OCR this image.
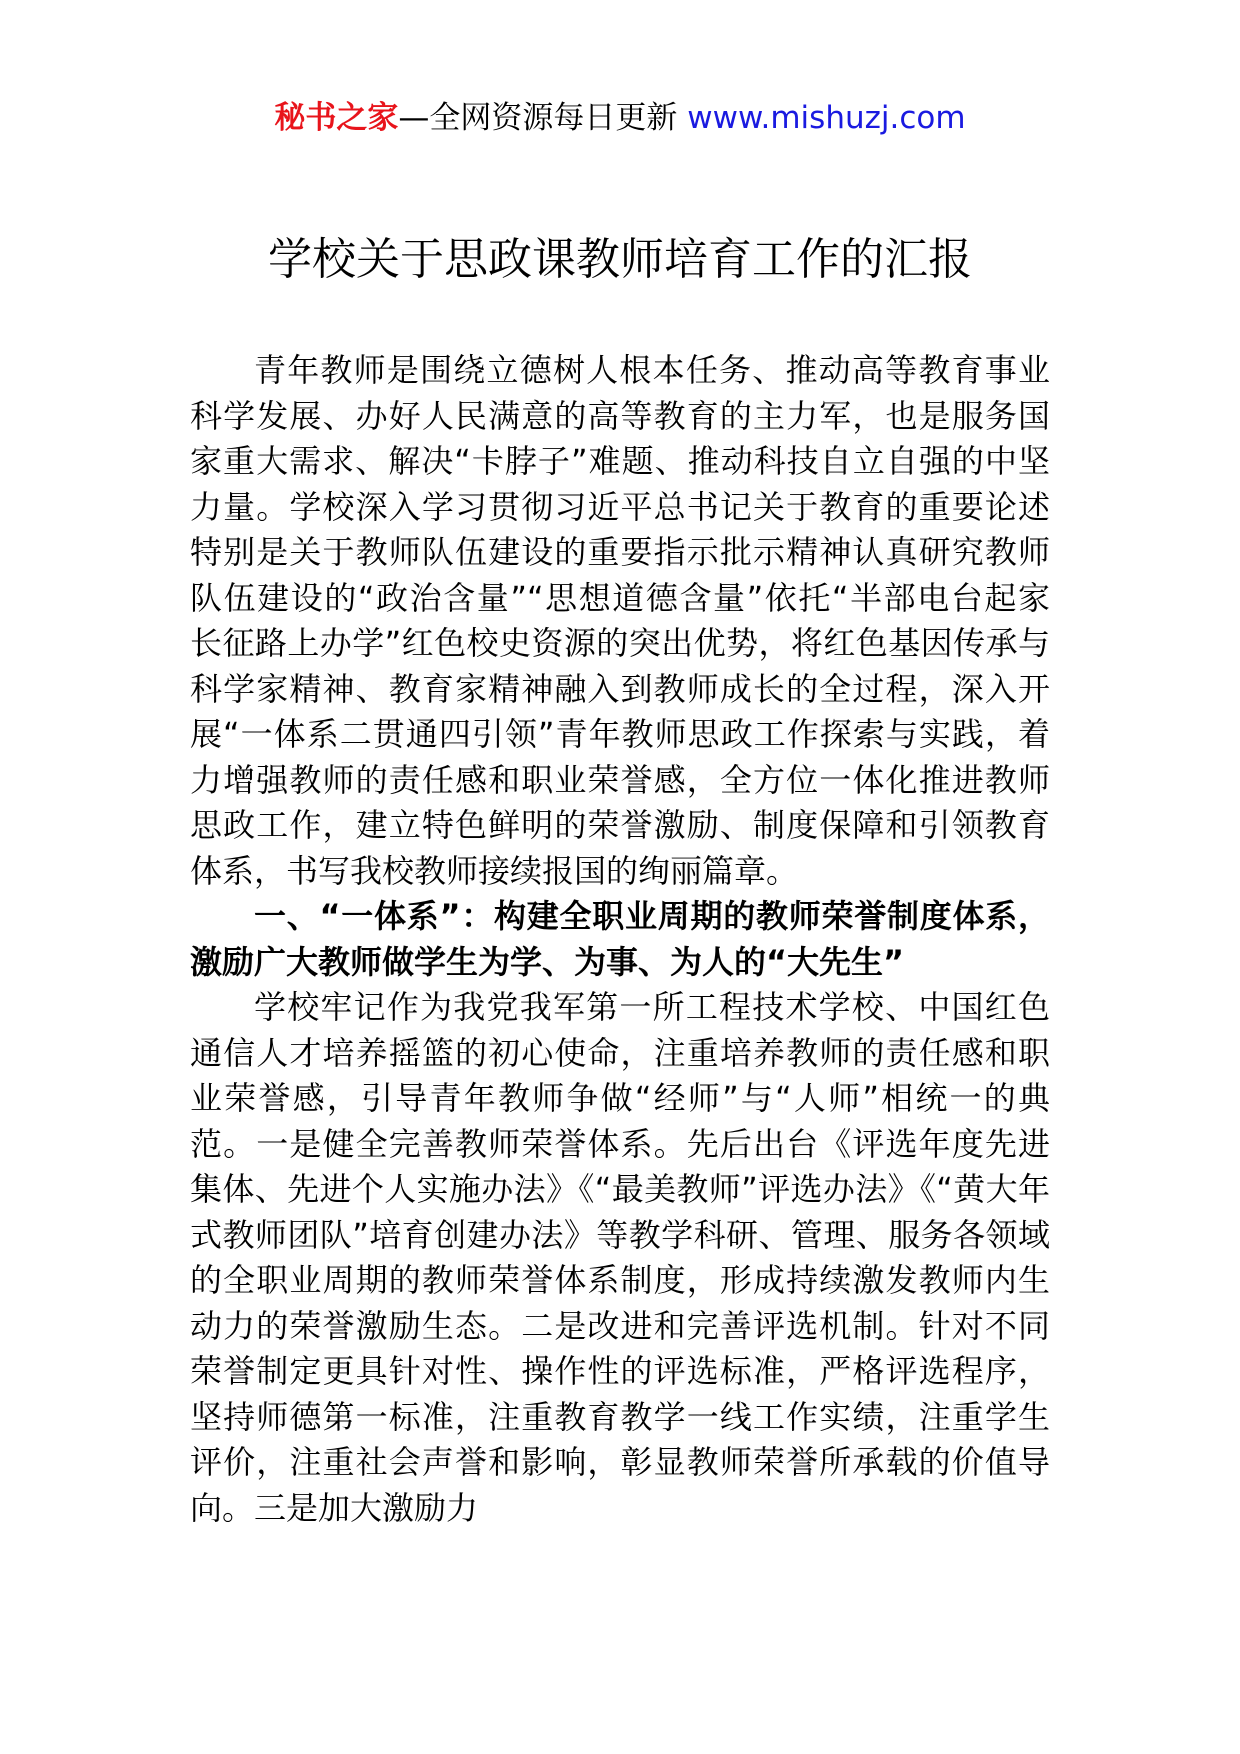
秘书之家—全网资源每日更新 www.mishuzj.com
学校关于思政课教师培育工作的汇报

青年教师是围绕立德树人根本任务、推动高等教育事业科学发展、办好人民满意的高等教育的主力军，也是服务国家重大需求、解决“卡脖子”难题、推动科技自立自强的中坚力量。学校深入学习贯彻习近平总书记关于教育的重要论述特别是关于教师队伍建设的重要指示批示精神认真研究教师队伍建设的“政治含量”“思想道德含量”依托“半部电台起家 长征路上办学”红色校史资源的突出优势，将红色基因传承与科学家精神、教育家精神融入到教师成长的全过程，深入开展“一体系二贯通四引领”青年教师思政工作探索与实践，着力增强教师的责任感和职业荣誉感，全方位一体化推进教师思政工作，建立特色鲜明的荣誉激励、制度保障和引领教育体系，书写我校教师接续报国的绚丽篇章。

一、“一体系”：构建全职业周期的教师荣誉制度体系，激励广大教师做学生为学、为事、为人的“大先生”

学校牢记作为我党我军第一所工程技术学校、中国红色通信人才培养摇篮的初心使命，注重培养教师的责任感和职业荣誉感，引导青年教师争做“经师”与“人师”相统一的典范。一是健全完善教师荣誉体系。先后出台《评选年度先进集体、先进个人实施办法》《“最美教师”评选办法》《“黄大年式教师团队”培育创建办法》等教学科研、管理、服务各领域的全职业周期的教师荣誉体系制度，形成持续激发教师内生动力的荣誉激励生态。二是改进和完善评选机制。针对不同荣誉制定更具针对性、操作性的评选标准，严格评选程序，坚持师德第一标准，注重教育教学一线工作实绩，注重学生评价，注重社会声誉和影响，彰显教师荣誉所承载的价值导向。三是加大激励力
